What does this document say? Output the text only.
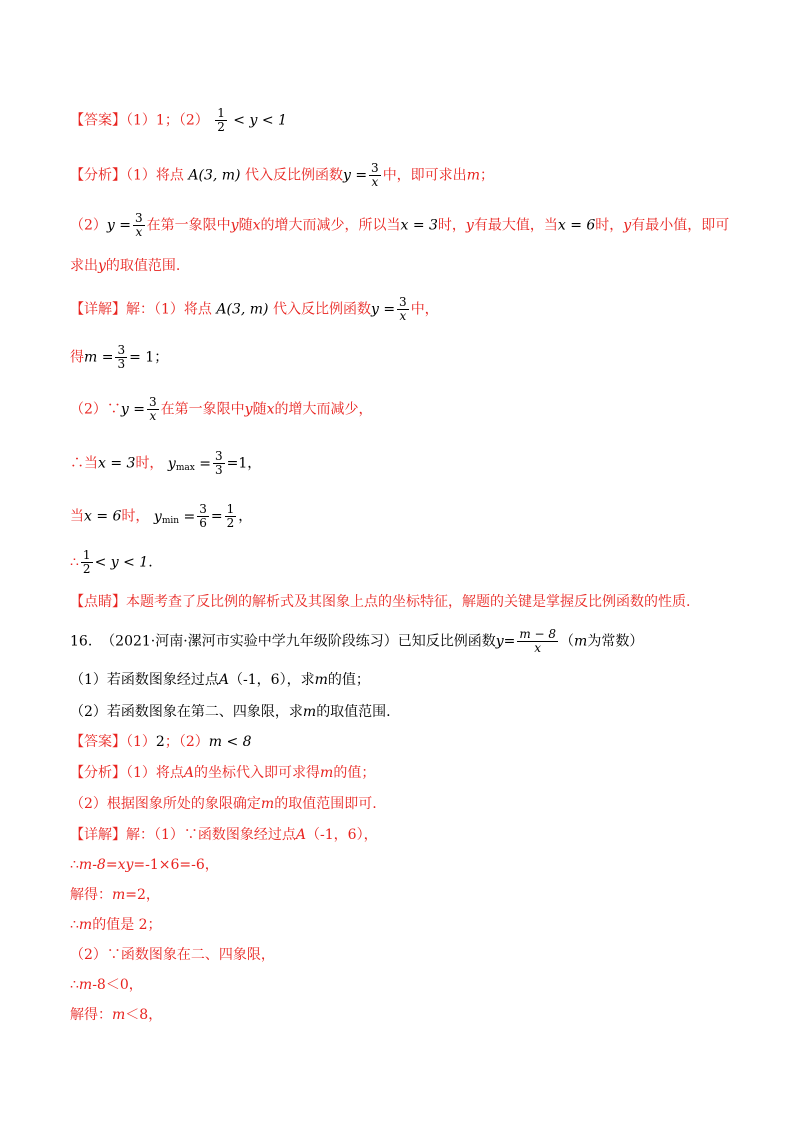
【答案】（1）1；$(2) \frac{1}{2} < y < 1$
【分析】（1）将点 A(3, m) 代入反比例函数$y = \frac{3}{x}$ 中，即可求出m；
$(2)y = \frac{3}{x}$ 在第一象限中y随x的增大而减少，所以当x = 3时，y有最大值，当x = 6时，y有最小值，即可
求出y的取值范围.
【详解】解：（1）将点 A(3, m) 代入反比例函数$y = \frac{3}{x}$ 中，
得$m = \frac{3}{3} = 1$；
（2）∵y = $\frac{3}{x}$ 在第一象限中y随x的增大而减少，
∴当x = 3时， $y_{max} = \frac{3}{3} =1$，
当x = 6时， $y_{min} = \frac{3}{6} = \frac{1}{2}$ ，
∴ $\frac{1}{2} < y < 1$.
【点睛】本题考查了反比例的解析式及其图象上点的坐标特征，解题的关键是掌握反比例函数的性质.
16. （2021·河南·漯河市实验中学九年级阶段练习）已知反比例函数$y= \frac{m - 8}{x} (m$为常数）
（1）若函数图象经过点A（-1，6），求m的值；
（2）若函数图象在第二、四象限，求m的取值范围.
【答案】（1）2；（2）m < 8
【分析】（1）将点A的坐标代入即可求得m的值；
（2）根据图象所处的象限确定m的取值范围即可.
【详解】解：（1）∵函数图象经过点A（-1，6），
∴m-8=xy=-1×6=-6，
解得：m=2，
∴m的值是 2；
（2）∵函数图象在二、四象限，
∴m-8＜0，
解得：m＜8，
